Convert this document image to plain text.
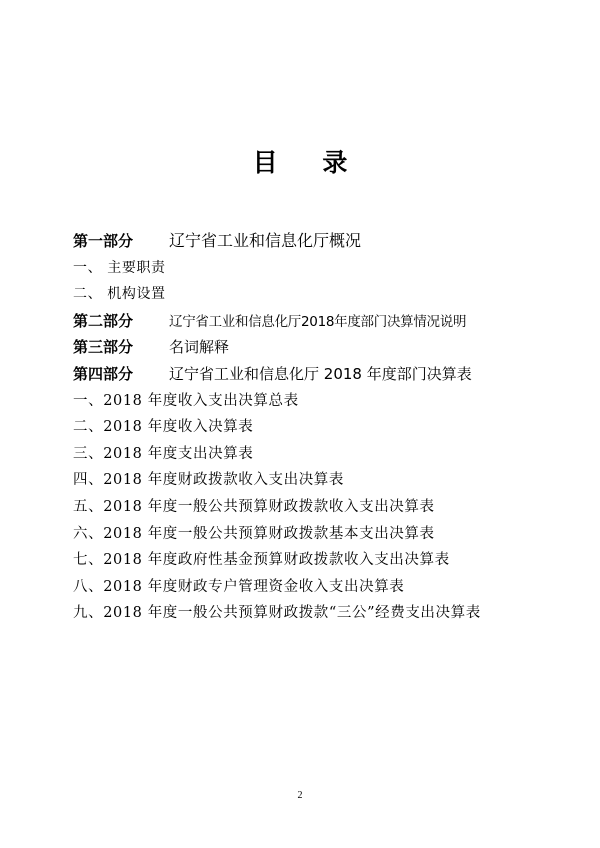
目 录
第一部分 辽宁省工业和信息化厅概况
一、 主要职责
二、 机构设置
第二部分	辽宁省工业和信息化厅2018年度部门决算情况说明
第三部分 名词解释
第四部分 辽宁省工业和信息化厅 2018 年度部门决算表
一、2018 年度收入支出决算总表
二、2018 年度收入决算表
三、2018 年度支出决算表
四、2018 年度财政拨款收入支出决算表
五、2018 年度一般公共预算财政拨款收入支出决算表
六、2018 年度一般公共预算财政拨款基本支出决算表
七、2018 年度政府性基金预算财政拨款收入支出决算表
八、2018 年度财政专户管理资金收入支出决算表
九、2018 年度一般公共预算财政拨款“三公”经费支出决算表
2
